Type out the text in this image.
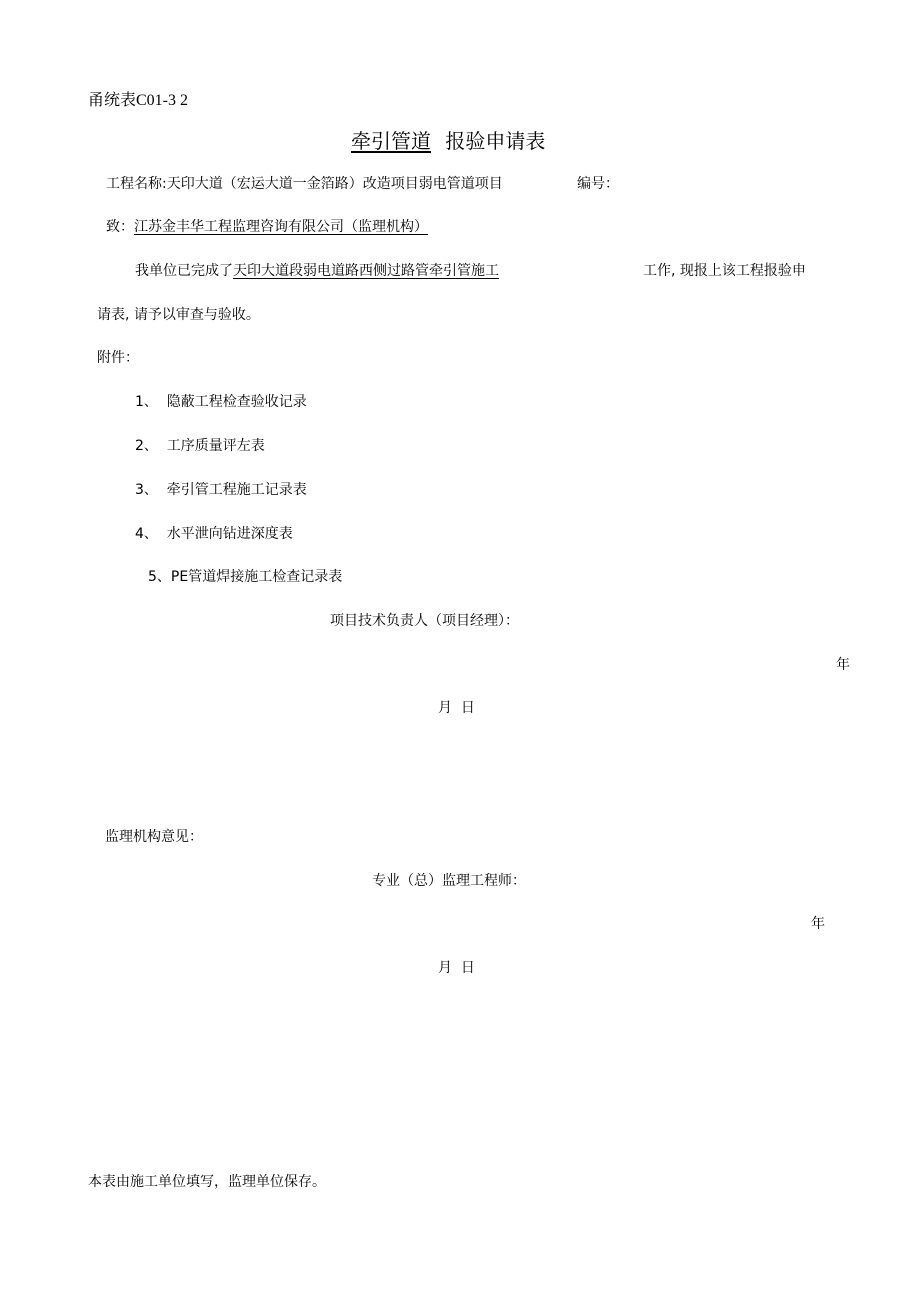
甬统表C01-3 2
牵引管道 报验申请表
工程名称:天印大道（宏运大道一金箔路）改造项目弱电管道项目	编号：
致：江苏金丰华工程监理咨询有限公司（监理机构）
我单位已完成了天印大道段弱电道路西侧过路管牵引管施工	工作, 现报上该工程报验申
请表, 请予以审查与验收。
附件：
1、  隐蔽工程检查验收记录
2、  工序质量评左表
3、  牵引管工程施工记录表
4、  水平泄向钻进深度表
5、PE管道焊接施工检查记录表
项目技术负责人（项目经理）：
年
月  日
监理机构意见：
专业（总）监理工程师：
年
月  日
本表由施工单位填写，监理单位保存。
